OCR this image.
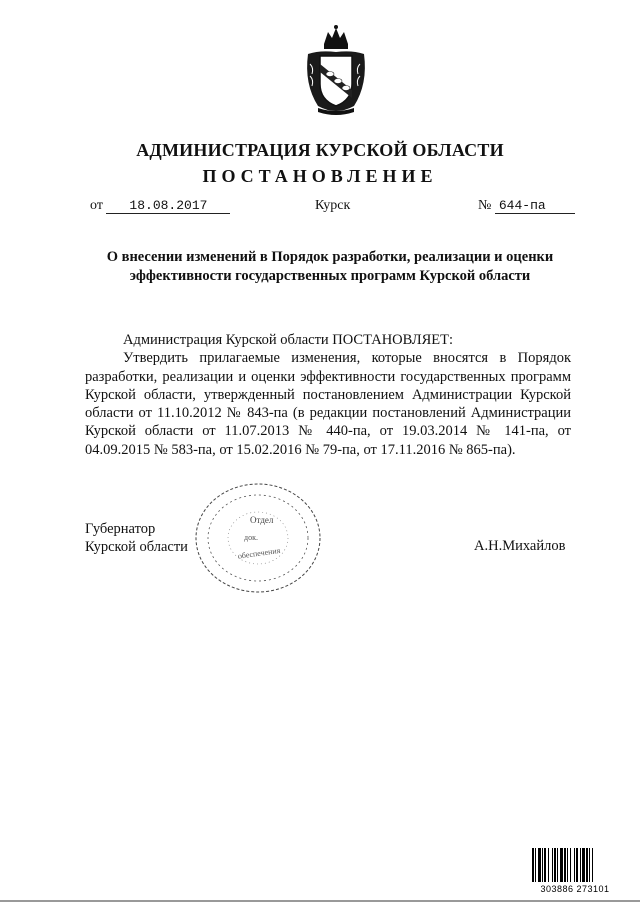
АДМИНИСТРАЦИЯ КУРСКОЙ ОБЛАСТИ
ПОСТАНОВЛЕНИЕ
от 18.08.2017	Курск	№ 644-па
О внесении изменений в Порядок разработки, реализации и оценки эффективности государственных программ Курской области

Администрация Курской области ПОСТАНОВЛЯЕТ:

Утвердить прилагаемые изменения, которые вносятся в Порядок разработки, реализации и оценки эффективности государственных программ Курской области, утвержденный постановлением Администрации Курской области от 11.10.2012 № 843-па (в редакции постановлений Администрации Курской области от 11.07.2013 № 440-па, от 19.03.2014 № 141-па, от 04.09.2015 № 583-па, от 15.02.2016 № 79-па, от 17.11.2016 № 865-па).

Отдел
док.
обеспечения
Губернатор
Курской области	А.Н.Михайлов
303886 273101
